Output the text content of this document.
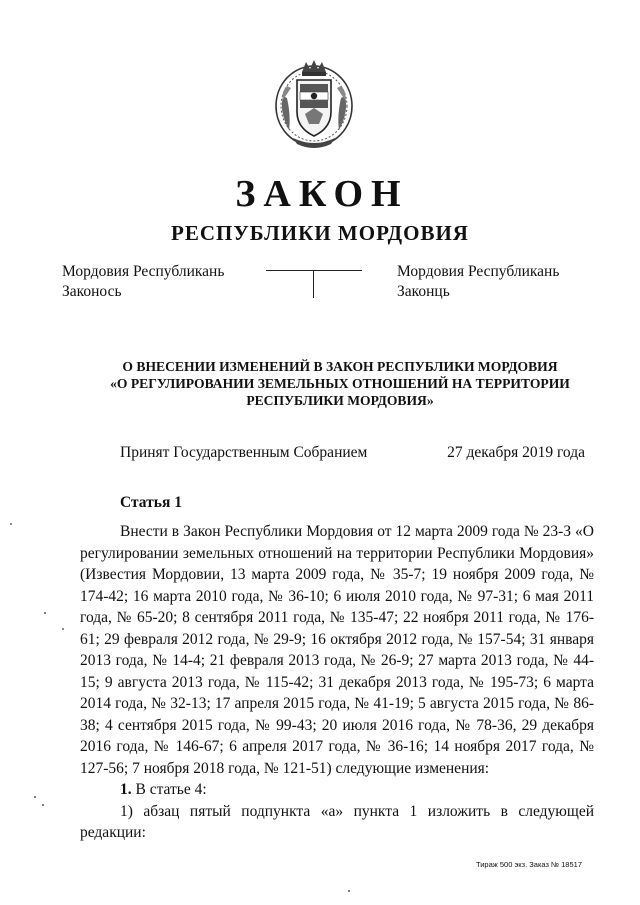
ЗАКОН
РЕСПУБЛИКИ МОРДОВИЯ
Мордовия Республикань
Законось
Мордовия Республикань
Законць
О ВНЕСЕНИИ ИЗМЕНЕНИЙ В ЗАКОН РЕСПУБЛИКИ МОРДОВИЯ
«О РЕГУЛИРОВАНИИ ЗЕМЕЛЬНЫХ ОТНОШЕНИЙ НА ТЕРРИТОРИИ
РЕСПУБЛИКИ МОРДОВИЯ»
Принят Государственным Собранием	27 декабря 2019 года
Статья 1

Внести в Закон Республики Мордовия от 12 марта 2009 года № 23-З «О регулировании земельных отношений на территории Республики Мордовия» (Известия Мордовии, 13 марта 2009 года, № 35-7; 19 ноября 2009 года, № 174-42; 16 марта 2010 года, № 36-10; 6 июля 2010 года, № 97-31; 6 мая 2011 года, № 65-20; 8 сентября 2011 года, № 135-47; 22 ноября 2011 года, № 176-61; 29 февраля 2012 года, № 29-9; 16 октября 2012 года, № 157-54; 31 января 2013 года, № 14-4; 21 февраля 2013 года, № 26-9; 27 марта 2013 года, № 44-15; 9 августа 2013 года, № 115-42; 31 декабря 2013 года, № 195-73; 6 марта 2014 года, № 32-13; 17 апреля 2015 года, № 41-19; 5 августа 2015 года, № 86-38; 4 сентября 2015 года, № 99-43; 20 июля 2016 года, № 78-36, 29 декабря 2016 года, № 146-67; 6 апреля 2017 года, № 36-16; 14 ноября 2017 года, № 127-56; 7 ноября 2018 года, № 121-51) следующие изменения:

1. В статье 4:

1) абзац пятый подпункта «а» пункта 1 изложить в следующей редакции:

Тираж 500 экз. Заказ № 18517
